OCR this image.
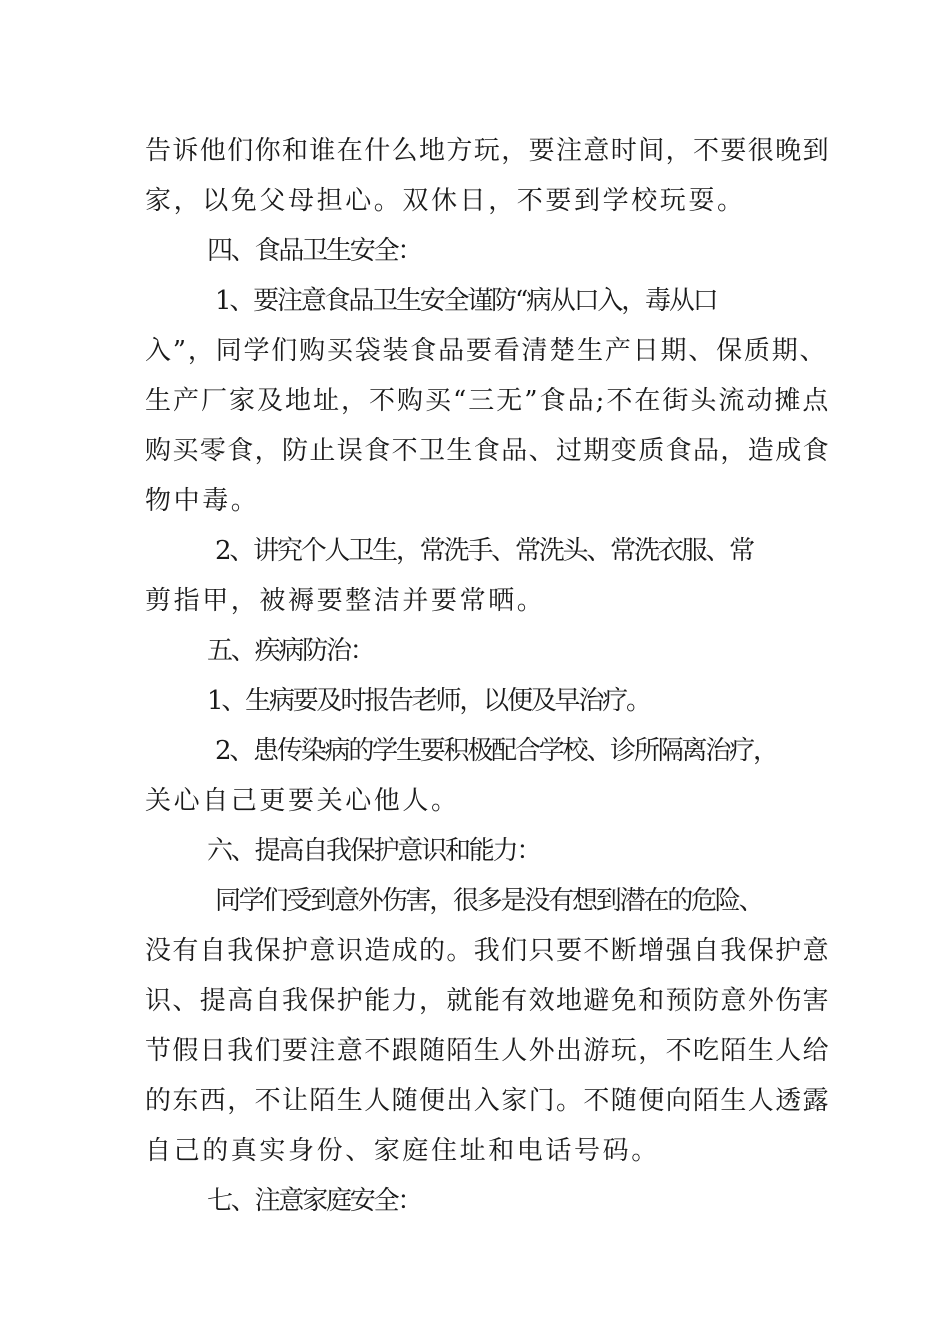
告诉他们你和谁在什么地方玩，要注意时间，不要很晚到
家，以免父母担心。双休日，不要到学校玩耍。
四、食品卫生安全：
1、要注意食品卫生安全谨防“病从口入，毒从口
入”，同学们购买袋装食品要看清楚生产日期、保质期、
生产厂家及地址，不购买“三无”食品;不在街头流动摊点
购买零食，防止误食不卫生食品、过期变质食品，造成食
物中毒。
2、讲究个人卫生，常洗手、常洗头、常洗衣服、常
剪指甲，被褥要整洁并要常晒。
五、疾病防治：
1、生病要及时报告老师，以便及早治疗。
2、患传染病的学生要积极配合学校、诊所隔离治疗，
关心自己更要关心他人。
六、提高自我保护意识和能力：
同学们受到意外伤害，很多是没有想到潜在的危险、
没有自我保护意识造成的。我们只要不断增强自我保护意
识、提高自我保护能力，就能有效地避免和预防意外伤害
节假日我们要注意不跟随陌生人外出游玩，不吃陌生人给
的东西，不让陌生人随便出入家门。不随便向陌生人透露
自己的真实身份、家庭住址和电话号码。
七、注意家庭安全：
